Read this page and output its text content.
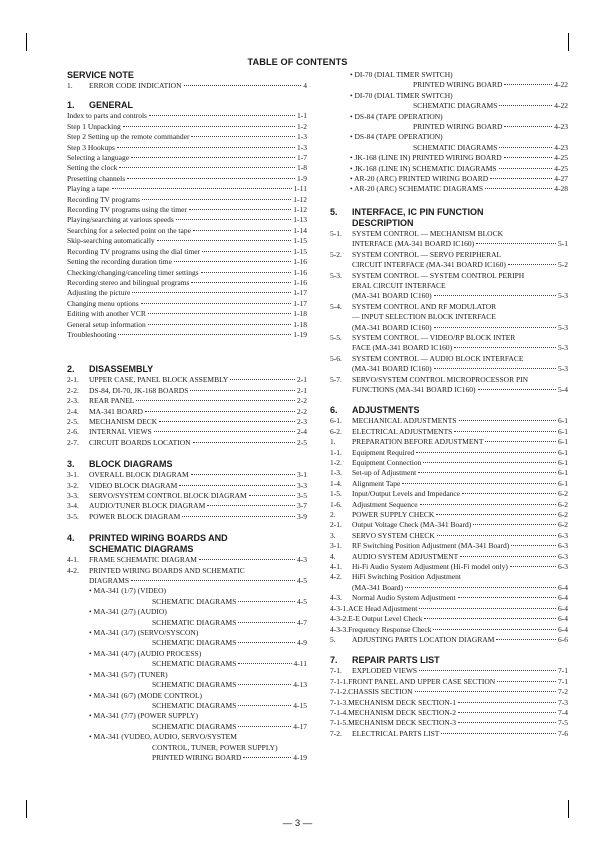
TABLE OF CONTENTS
SERVICE NOTE
1.	ERROR CODE INDICATION	4
1. GENERAL
Index to parts and controls	1-1
Step 1 Unpacking	1-2
Step 2 Setting up the remote commander	1-3
Step 3 Hookups	1-3
Selecting a language	1-7
Setting the clock	1-8
Presetting channels	1-9
Playing a tape	1-11
Recording TV programs	1-12
Recording TV programs using the timer	1-12
Playing/searching at various speeds	1-13
Searching for a selected point on the tape	1-14
Skip-searching automatically	1-15
Recording TV programs using the dial timer	1-15
Setting the recording duration time	1-16
Checking/changing/canceling timer settings	1-16
Recording stereo and bilingual programs	1-16
Adjusting the picture	1-17
Changing menu options	1-17
Editing with another VCR	1-18
General setup information	1-18
Troubleshooting	1-19
2. DISASSEMBLY
2-1.	UPPER CASE, PANEL BLOCK ASSEMBLY	2-1
2-2.	DS-84, DI-70, JK-168 BOARDS	2-1
2-3.	REAR PANEL	2-2
2-4.	MA-341 BOARD	2-2
2-5.	MECHANISM DECK	2-3
2-6.	INTERNAL VIEWS	2-4
2-7.	CIRCUIT BOARDS LOCATION	2-5
3. BLOCK DIAGRAMS
3-1.	OVERALL BLOCK DIAGRAM	3-1
3-2.	VIDEO BLOCK DIAGRAM	3-3
3-3.	SERVO/SYSTEM CONTROL BLOCK DIAGRAM	3-5
3-4.	AUDIO/TUNER BLOCK DIAGRAM	3-7
3-5.	POWER BLOCK DIAGRAM	3-9
4. PRINTED WIRING BOARDS AND
SCHEMATIC DIAGRAMS
4-1.	FRAME SCHEMATIC DIAGRAM	4-3
4-2. PRINTED WIRING BOARDS AND SCHEMATIC
DIAGRAMS	4-5
• MA-341 (1/7) (VIDEO)
SCHEMATIC DIAGRAMS	4-5
• MA-341 (2/7) (AUDIO)
SCHEMATIC DIAGRAMS	4-7
• MA-341 (3/7) (SERVO/SYSCON)
SCHEMATIC DIAGRAMS	4-9
• MA-341 (4/7) (AUDIO PROCESS)
SCHEMATIC DIAGRAMS	4-11
• MA-341 (5/7) (TUNER)
SCHEMATIC DIAGRAMS	4-13
• MA-341 (6/7) (MODE CONTROL)
SCHEMATIC DIAGRAMS	4-15
• MA-341 (7/7) (POWER SUPPLY)
SCHEMATIC DIAGRAMS	4-17
• MA-341 (VUDEO, AUDIO, SERVO/SYSTEM
CONTROL, TUNER, POWER SUPPLY)
PRINTED WIRING BOARD	4-19
• DI-70 (DIAL TIMER SWITCH)
PRINTED WIRING BOARD	4-22
• DI-70 (DIAL TIMER SWITCH)
SCHEMATIC DIAGRAMS	4-22
• DS-84 (TAPE OPERATION)
PRINTED WIRING BOARD	4-23
• DS-84 (TAPE OPERATION)
SCHEMATIC DIAGRAMS	4-23
• JK-168 (LINE IN) PRINTED WIRING BOARD	4-25
• JK-168 (LINE IN) SCHEMATIC DIAGRAMS	4-25
• AR-20 (ARC) PRINTED WIRING BOARD	4-27
• AR-20 (ARC) SCHEMATIC DIAGRAMS	4-28
5. INTERFACE, IC PIN FUNCTION
DESCRIPTION
5-1. SYSTEM CONTROL — MECHANISM BLOCK
INTERFACE (MA-341 BOARD IC160)	5-1
5-2. SYSTEM CONTROL — SERVO PERIPHERAL
CIRCUIT INTERFACE (MA-341 BOARD IC160)	5-2
5-3. SYSTEM CONTROL — SYSTEM CONTROL PERIPH
ERAL CIRCUIT INTERFACE
(MA-341 BOARD IC160)	5-3
5-4. SYSTEM CONTROL AND RF MODULATOR
— INPUT SELECTION BLOCK INTERFACE
(MA-341 BOARD IC160)	5-3
5-5. SYSTEM CONTROL — VIDEO/RP BLOCK INTER
FACE (MA-341 BOARD IC160)	5-3
5-6. SYSTEM CONTROL — AUDIO BLOCK INTERFACE
(MA-341 BOARD IC160)	5-3
5-7. SERVO/SYSTEM CONTROL MICROPROCESSOR PIN
FUNCTIONS (MA-341 BOARD IC160)	5-4
6. ADJUSTMENTS
6-1.	MECHANICAL ADJUSTMENTS	6-1
6-2.	ELECTRICAL ADJUSTMENTS	6-1
1.	PREPARATION BEFORE ADJUSTMENT	6-1
1-1.	Equipment Required	6-1
1-2.	Equipment Connection	6-1
1-3.	Set-up of Adjustment	6-1
1-4.	Alignment Tape	6-1
1-5.	Input/Output Levels and Impedance	6-2
1-6.	Adjustment Sequence	6-2
2.	POWER SUPPLY CHECK	6-2
2-1.	Output Voltage Check (MA-341 Board)	6-2
3.	SERVO SYSTEM CHECK	6-3
3-1.	RF Switching Position Adjustment (MA-341 Board)	6-3
4.	AUDIO SYSTEM ADJUSTMENT	6-3
4-1.	Hi-Fi Audio System Adjustment (Hi-Fi model only)	6-3
4-2. HiFi Switching Position Adjustment
(MA-341 Board)	6-4
4-3.	Normal Audio System Adjustment	6-4
4-3-1. ACE Head Adjustment	6-4
4-3-2. E-E Output Level Check	6-4
4-3-3. Frequency Response Check	6-4
5.	ADJUSTING PARTS LOCATION DIAGRAM	6-6
7. REPAIR PARTS LIST
7-1.	EXPLODED VIEWS	7-1
7-1-1. FRONT PANEL AND UPPER CASE SECTION	7-1
7-1-2. CHASSIS SECTION	7-2
7-1-3. MECHANISM DECK SECTION-1	7-3
7-1-4. MECHANISM DECK SECTION-2	7-4
7-1-5. MECHANISM DECK SECTION-3	7-5
7-2.	ELECTRICAL PARTS LIST	7-6
— 3 —
